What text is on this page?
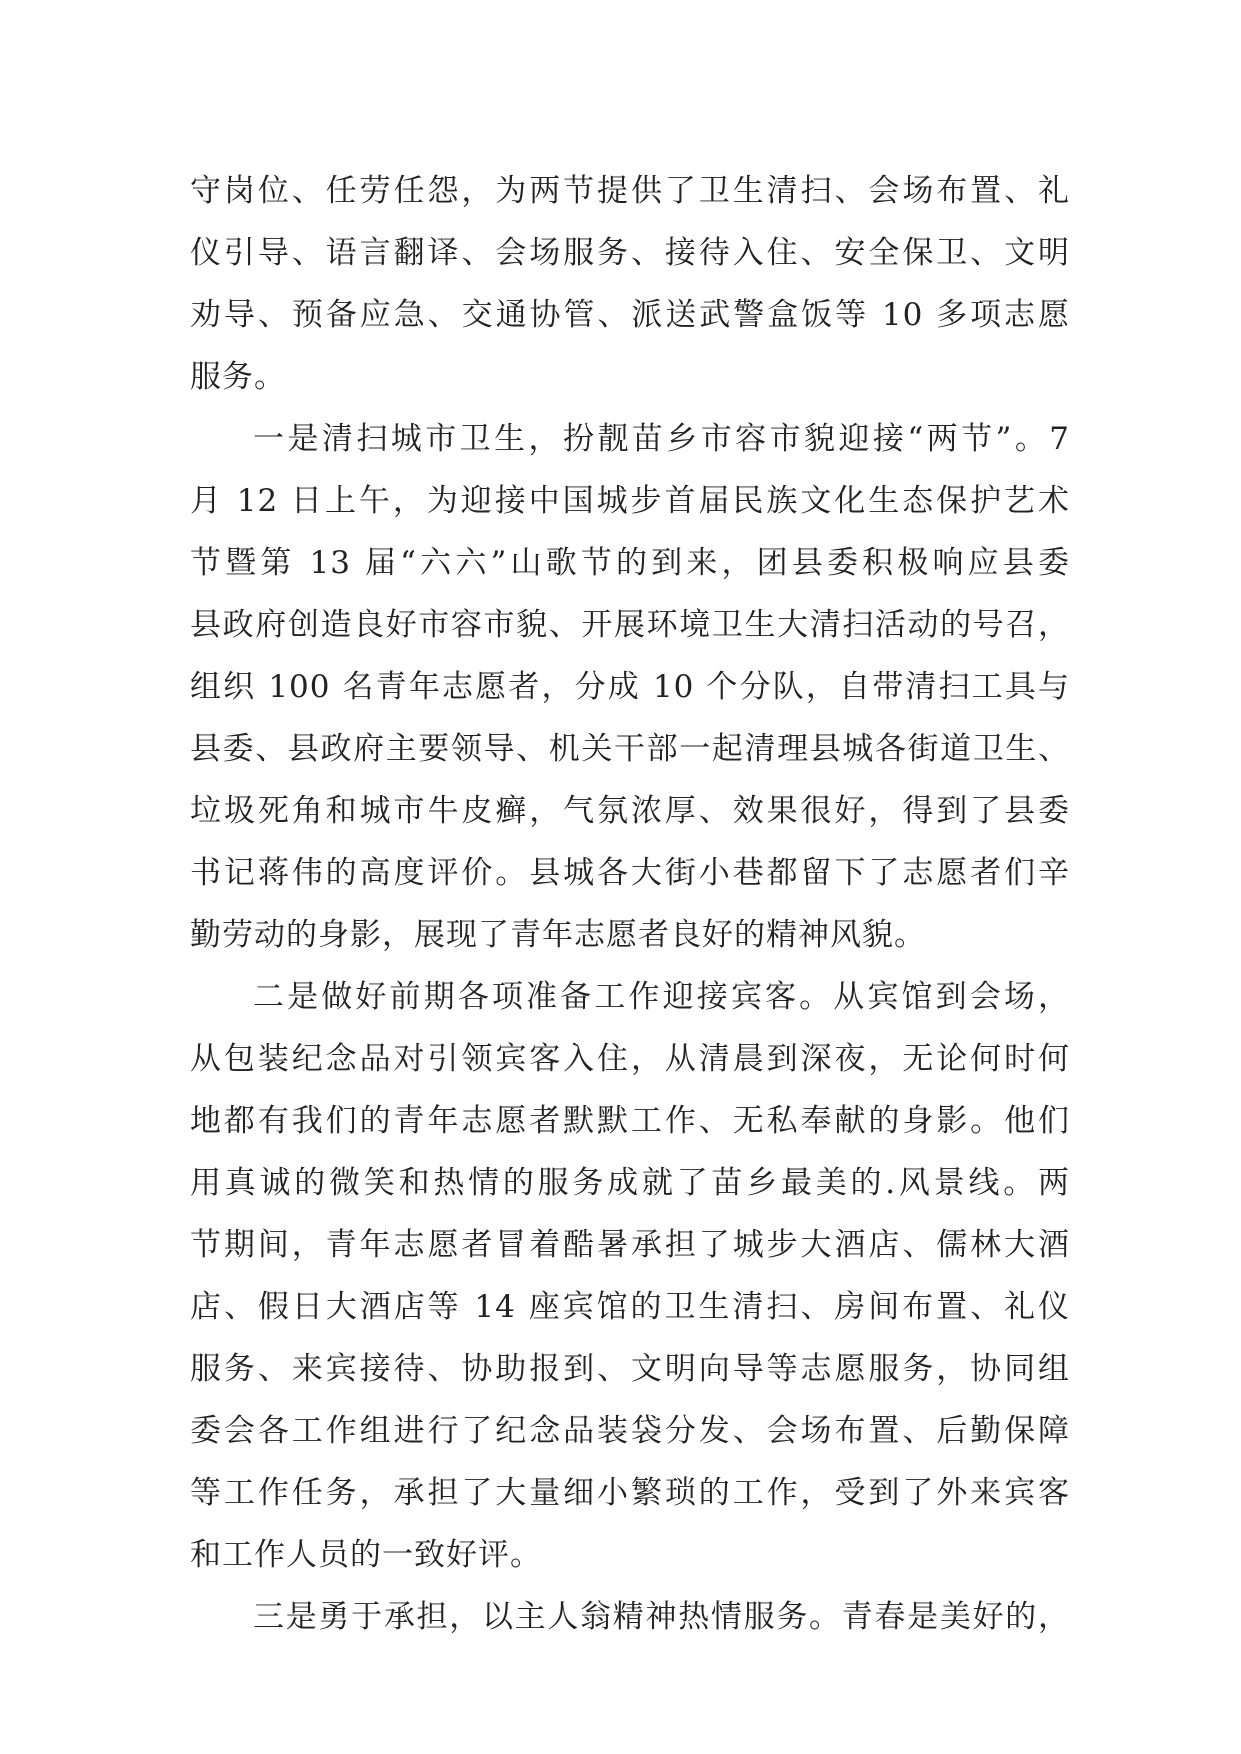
守岗位、任劳任怨，为两节提供了卫生清扫、会场布置、礼
仪引导、语言翻译、会场服务、接待入住、安全保卫、文明
劝导、预备应急、交通协管、派送武警盒饭等 10 多项志愿
服务。
一是清扫城市卫生，扮靓苗乡市容市貌迎接“两节”。7
月 12 日上午，为迎接中国城步首届民族文化生态保护艺术
节暨第 13 届“六六”山歌节的到来，团县委积极响应县委
县政府创造良好市容市貌、开展环境卫生大清扫活动的号召，
组织 100 名青年志愿者，分成 10 个分队，自带清扫工具与
县委、县政府主要领导、机关干部一起清理县城各街道卫生、
垃圾死角和城市牛皮癣，气氛浓厚、效果很好，得到了县委
书记蒋伟的高度评价。县城各大街小巷都留下了志愿者们辛
勤劳动的身影，展现了青年志愿者良好的精神风貌。
二是做好前期各项准备工作迎接宾客。从宾馆到会场，
从包装纪念品对引领宾客入住，从清晨到深夜，无论何时何
地都有我们的青年志愿者默默工作、无私奉献的身影。他们
用真诚的微笑和热情的服务成就了苗乡最美的.风景线。两
节期间，青年志愿者冒着酷暑承担了城步大酒店、儒林大酒
店、假日大酒店等 14 座宾馆的卫生清扫、房间布置、礼仪
服务、来宾接待、协助报到、文明向导等志愿服务，协同组
委会各工作组进行了纪念品装袋分发、会场布置、后勤保障
等工作任务，承担了大量细小繁琐的工作，受到了外来宾客
和工作人员的一致好评。
三是勇于承担，以主人翁精神热情服务。青春是美好的，
